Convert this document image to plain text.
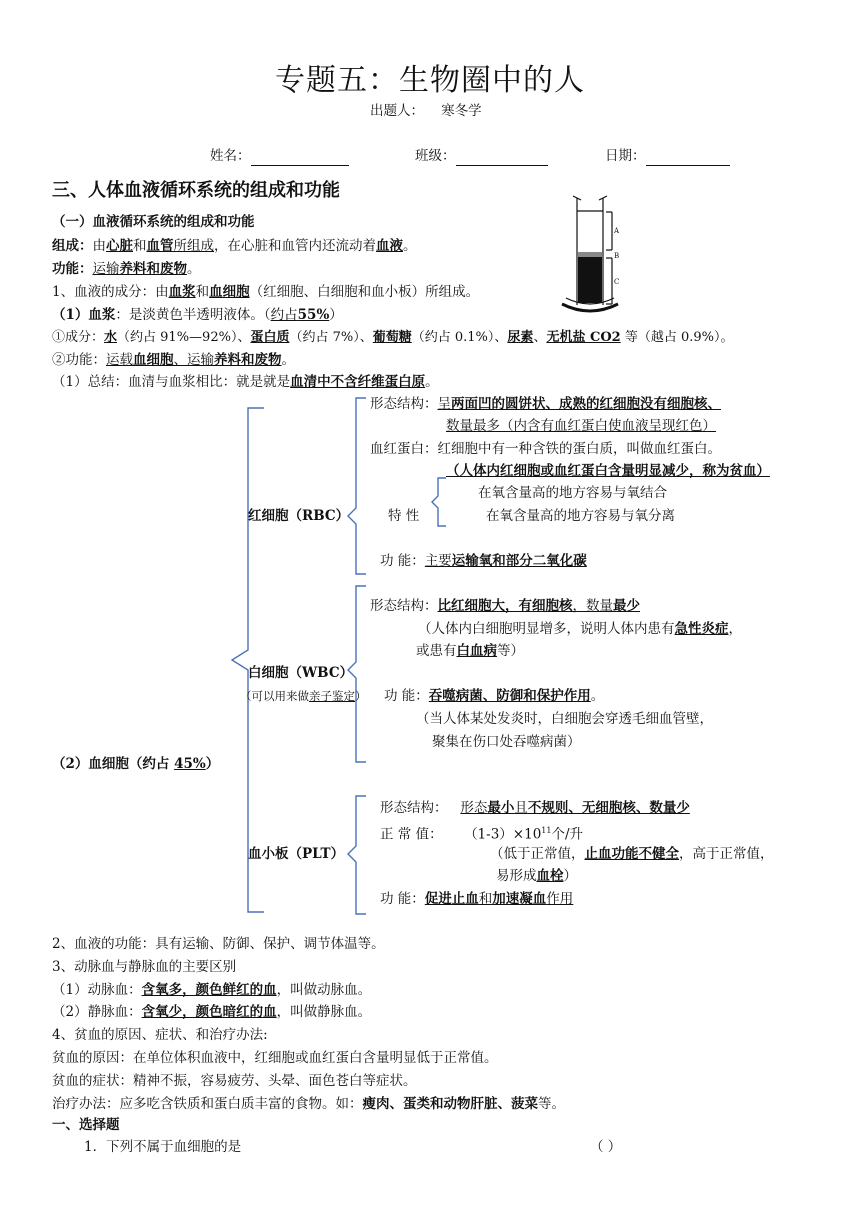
专题五：生物圈中的人
出题人： 寒冬学
姓名：	班级：	日期：
三、人体血液循环系统的组成和功能
（一）血液循环系统的组成和功能
组成：由心脏和血管所组成，在心脏和血管内还流动着血液。
功能：运输养料和废物。
1、血液的成分：由血浆和血细胞（红细胞、白细胞和血小板）所组成。
（1）血浆：是淡黄色半透明液体。（约占55%）
①成分：水（约占 91%—92%）、蛋白质（约占 7%）、葡萄糖（约占 0.1%）、尿素、无机盐 CO2 等（越占 0.9%）。
②功能：运载血细胞、运输养料和废物。
（1）总结：血清与血浆相比：就是就是血清中不含纤维蛋白原。
A
B
C
红细胞（RBC）
形态结构：呈两面凹的圆饼状、成熟的红细胞没有细胞核、
数量最多（内含有血红蛋白使血液呈现红色）
血红蛋白：红细胞中有一种含铁的蛋白质，叫做血红蛋白。
（人体内红细胞或血红蛋白含量明显减少，称为贫血）
特 性
在氧含量高的地方容易与氧结合
在氧含量高的地方容易与氧分离
功 能：主要运输氧和部分二氧化碳
白细胞（WBC）
（可以用来做亲子鉴定）
形态结构：比红细胞大，有细胞核，数量最少
（人体内白细胞明显增多，说明人体内患有急性炎症，
或患有白血病等）
功 能：吞噬病菌、防御和保护作用。
（当人体某处发炎时，白细胞会穿透毛细血管壁，
聚集在伤口处吞噬病菌）
（2）血细胞（约占 45%）
血小板（PLT）
形态结构： 形态最小且不规则、无细胞核、数量少
正 常 值： $(1-3)\times 10^{11}$个/升
（低于正常值，止血功能不健全，高于正常值，
易形成血栓）
功 能：促进止血和加速凝血作用
2、血液的功能：具有运输、防御、保护、调节体温等。
3、动脉血与静脉血的主要区别
（1）动脉血：含氧多，颜色鲜红的血，叫做动脉血。
（2）静脉血：含氧少，颜色暗红的血，叫做静脉血。
4、贫血的原因、症状、和治疗办法:
贫血的原因：在单位体积血液中，红细胞或血红蛋白含量明显低于正常值。
贫血的症状：精神不振，容易疲劳、头晕、面色苍白等症状。
治疗办法：应多吃含铁质和蛋白质丰富的食物。如：瘦肉、蛋类和动物肝脏、菠菜等。
一、选择题
1．下列不属于血细胞的是	（ ）
